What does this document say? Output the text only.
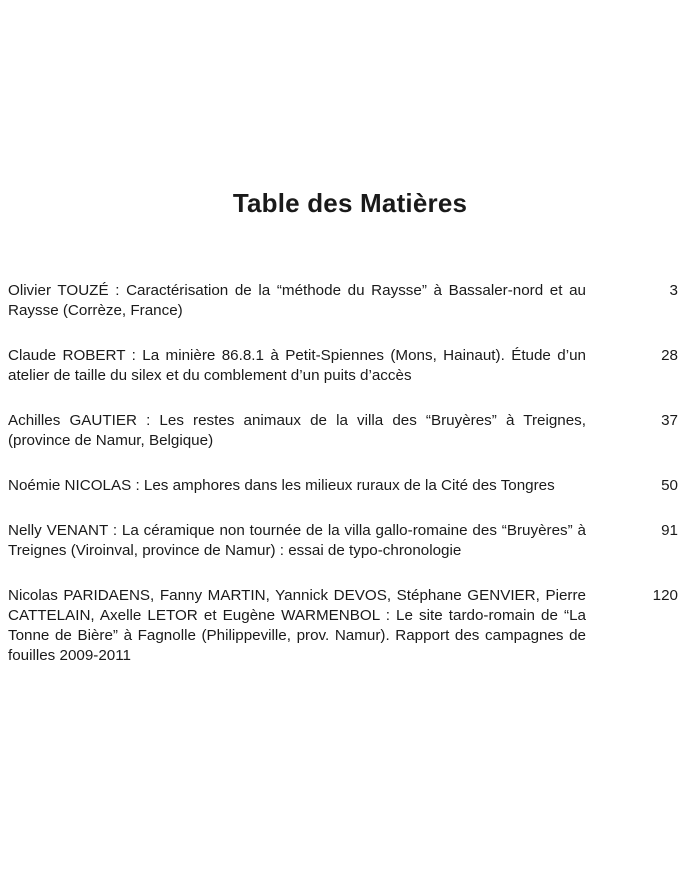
Table des Matières
Olivier TOUZÉ : Caractérisation de la “méthode du Raysse” à Bassaler-nord et au Raysse (Corrèze, France)
3
Claude ROBERT : La minière 86.8.1 à Petit-Spiennes (Mons, Hainaut). Étude d’un atelier de taille du silex et du comblement d’un puits d’accès
28
Achilles GAUTIER : Les restes animaux de la villa des “Bruyères” à Treignes, (province de Namur, Belgique)
37
Noémie NICOLAS : Les amphores dans les milieux ruraux de la Cité des Tongres	50
Nelly VENANT : La céramique non tournée de la villa gallo-romaine des “Bruyères” à Treignes (Viroinval, province de Namur) : essai de typo-chronologie
91
Nicolas PARIDAENS, Fanny MARTIN, Yannick DEVOS, Stéphane GENVIER, Pierre CATTELAIN, Axelle LETOR et Eugène WARMENBOL : Le site tardo-romain de “La Tonne de Bière” à Fagnolle (Philippeville, prov. Namur). Rapport des campagnes de fouilles 2009-2011
120
